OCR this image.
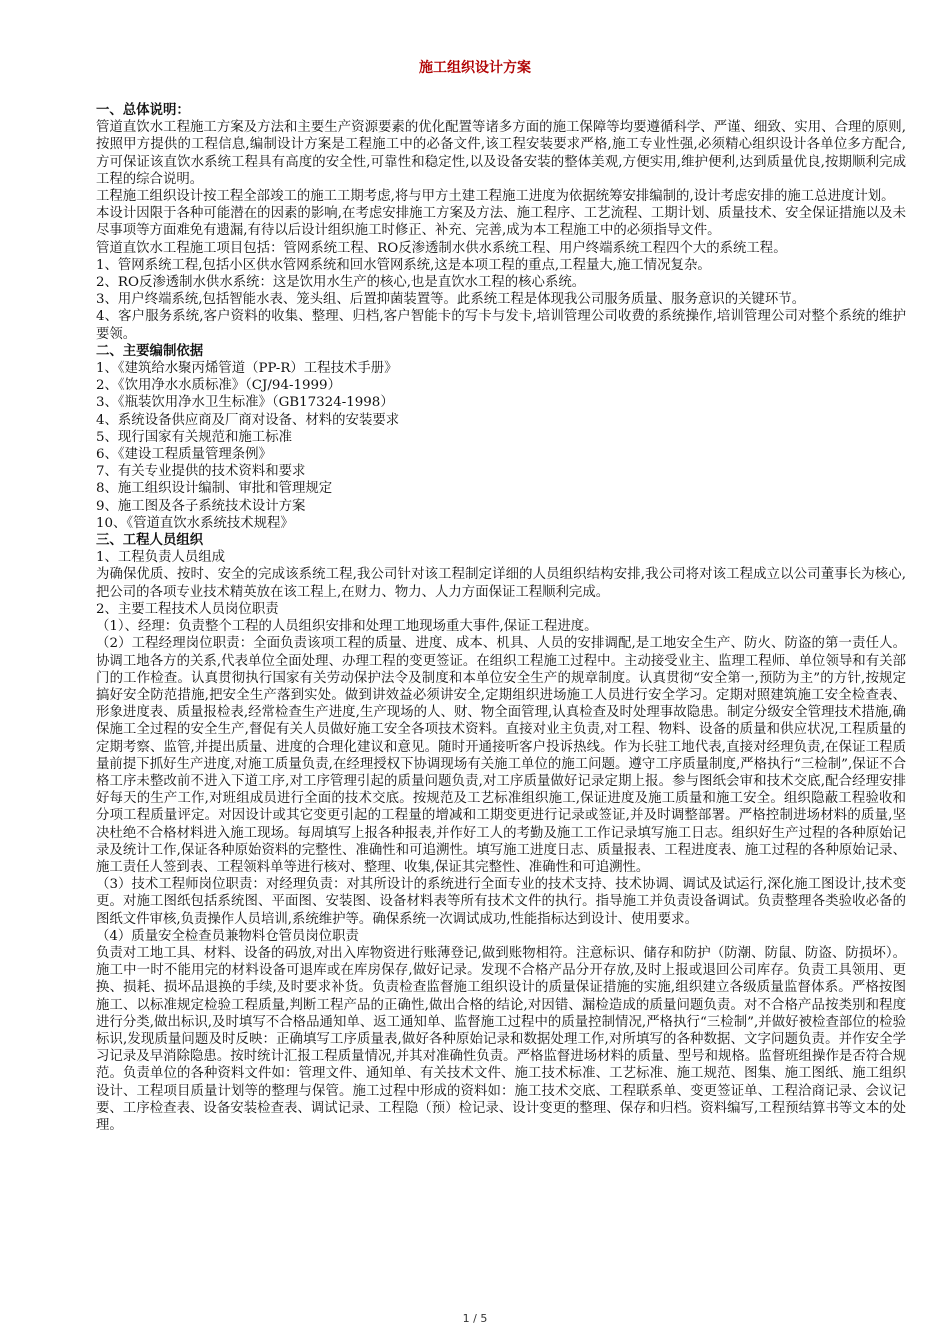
施工组织设计方案

一、总体说明：

管道直饮水工程施工方案及方法和主要生产资源要素的优化配置等诸多方面的施工保障等均要遵循科学、严谨、细致、实用、合理的原则,按照甲方提供的工程信息,编制设计方案是工程施工中的必备文件,该工程安装要求严格,施工专业性强,必须精心组织设计各单位多方配合,方可保证该直饮水系统工程具有高度的安全性,可靠性和稳定性,以及设备安装的整体美观,方便实用,维护便利,达到质量优良,按期顺利完成工程的综合说明。

工程施工组织设计按工程全部竣工的施工工期考虑,将与甲方土建工程施工进度为依据统筹安排编制的,设计考虑安排的施工总进度计划。

本设计因限于各种可能潜在的因素的影响,在考虑安排施工方案及方法、施工程序、工艺流程、工期计划、质量技术、安全保证措施以及未尽事项等方面难免有遗漏,有待以后设计组织施工时修正、补充、完善,成为本工程施工中的必须指导文件。

管道直饮水工程施工项目包括：管网系统工程、RO反渗透制水供水系统工程、用户终端系统工程四个大的系统工程。

1、管网系统工程,包括小区供水管网系统和回水管网系统,这是本项工程的重点,工程量大,施工情况复杂。

2、RO反渗透制水供水系统：这是饮用水生产的核心,也是直饮水工程的核心系统。

3、用户终端系统,包括智能水表、笼头组、后置抑菌装置等。此系统工程是体现我公司服务质量、服务意识的关键环节。

4、客户服务系统,客户资料的收集、整理、归档,客户智能卡的写卡与发卡,培训管理公司收费的系统操作,培训管理公司对整个系统的维护要领。

二、主要编制依据

1、《建筑给水聚丙烯管道（PP-R）工程技术手册》

2、《饮用净水水质标准》（CJ/94-1999）

3、《瓶装饮用净水卫生标准》（GB17324-1998）

4、系统设备供应商及厂商对设备、材料的安装要求

5、现行国家有关规范和施工标准

6、《建设工程质量管理条例》

7、有关专业提供的技术资料和要求

8、施工组织设计编制、审批和管理规定

9、施工图及各子系统技术设计方案

10、《管道直饮水系统技术规程》

三、工程人员组织

1、工程负责人员组成

为确保优质、按时、安全的完成该系统工程,我公司针对该工程制定详细的人员组织结构安排,我公司将对该工程成立以公司董事长为核心,把公司的各项专业技术精英放在该工程上,在财力、物力、人力方面保证工程顺利完成。

2、主要工程技术人员岗位职责

（1）、经理：负责整个工程的人员组织安排和处理工地现场重大事件,保证工程进度。

（2）工程经理岗位职责：全面负责该项工程的质量、进度、成本、机具、人员的安排调配,是工地安全生产、防火、防盗的第一责任人。协调工地各方的关系,代表单位全面处理、办理工程的变更签证。在组织工程施工过程中。主动接受业主、监理工程师、单位领导和有关部门的工作检查。认真贯彻执行国家有关劳动保护法令及制度和本单位安全生产的规章制度。认真贯彻“安全第一,预防为主”的方针,按规定搞好安全防范措施,把安全生产落到实处。做到讲效益必须讲安全,定期组织进场施工人员进行安全学习。定期对照建筑施工安全检查表、形象进度表、质量报检表,经常检查生产进度,生产现场的人、财、物全面管理,认真检查及时处理事故隐患。制定分级安全管理技术措施,确保施工全过程的安全生产,督促有关人员做好施工安全各项技术资料。直接对业主负责,对工程、物料、设备的质量和供应状况,工程质量的定期考察、监管,并提出质量、进度的合理化建议和意见。随时开通接听客户投诉热线。作为长驻工地代表,直接对经理负责,在保证工程质量前提下抓好生产进度,对施工质量负责,在经理授权下协调现场有关施工单位的施工问题。遵守工序质量制度,严格执行“三检制”,保证不合格工序未整改前不进入下道工序,对工序管理引起的质量问题负责,对工序质量做好记录定期上报。参与图纸会审和技术交底,配合经理安排好每天的生产工作,对班组成员进行全面的技术交底。按规范及工艺标准组织施工,保证进度及施工质量和施工安全。组织隐蔽工程验收和分项工程质量评定。对因设计或其它变更引起的工程量的增减和工期变更进行记录或签证,并及时调整部署。严格控制进场材料的质量,坚决杜绝不合格材料进入施工现场。每周填写上报各种报表,并作好工人的考勤及施工工作记录填写施工日志。组织好生产过程的各种原始记录及统计工作,保证各种原始资料的完整性、准确性和可追溯性。填写施工进度日志、质量报表、工程进度表、施工过程的各种原始记录、施工责任人签到表、工程领料单等进行核对、整理、收集,保证其完整性、准确性和可追溯性。

（3）技术工程师岗位职责：对经理负责：对其所设计的系统进行全面专业的技术支持、技术协调、调试及试运行,深化施工图设计,技术变更。对施工图纸包括系统图、平面图、安装图、设备材料表等所有技术文件的执行。指导施工并负责设备调试。负责整理各类验收必备的图纸文件审核,负责操作人员培训,系统维护等。确保系统一次调试成功,性能指标达到设计、使用要求。

（4）质量安全检查员兼物料仓管员岗位职责

负责对工地工具、材料、设备的码放,对出入库物资进行账薄登记,做到账物相符。注意标识、储存和防护（防潮、防鼠、防盗、防损坏）。施工中一时不能用完的材料设备可退库或在库房保存,做好记录。发现不合格产品分开存放,及时上报或退回公司库存。负责工具领用、更换、损耗、损坏品退换的手续,及时要求补货。负责检查监督施工组织设计的质量保证措施的实施,组织建立各级质量监督体系。严格按图施工、以标准规定检验工程质量,判断工程产品的正确性,做出合格的结论,对因错、漏检造成的质量问题负责。对不合格产品按类别和程度进行分类,做出标识,及时填写不合格品通知单、返工通知单、监督施工过程中的质量控制情况,严格执行“三检制”,并做好被检查部位的检验标识,发现质量问题及时反映：正确填写工序质量表,做好各种原始记录和数据处理工作,对所填写的各种数据、文字问题负责。并作安全学习记录及早消除隐患。按时统计汇报工程质量情况,并其对准确性负责。严格监督进场材料的质量、型号和规格。监督班组操作是否符合规范。负责单位的各种资料文件如：管理文件、通知单、有关技术文件、施工技术标准、工艺标准、施工规范、图集、施工图纸、施工组织设计、工程项目质量计划等的整理与保管。施工过程中形成的资料如：施工技术交底、工程联系单、变更签证单、工程洽商记录、会议记要、工序检查表、设备安装检查表、调试记录、工程隐（预）检记录、设计变更的整理、保存和归档。资料编写,工程预结算书等文本的处理。

1 / 5
